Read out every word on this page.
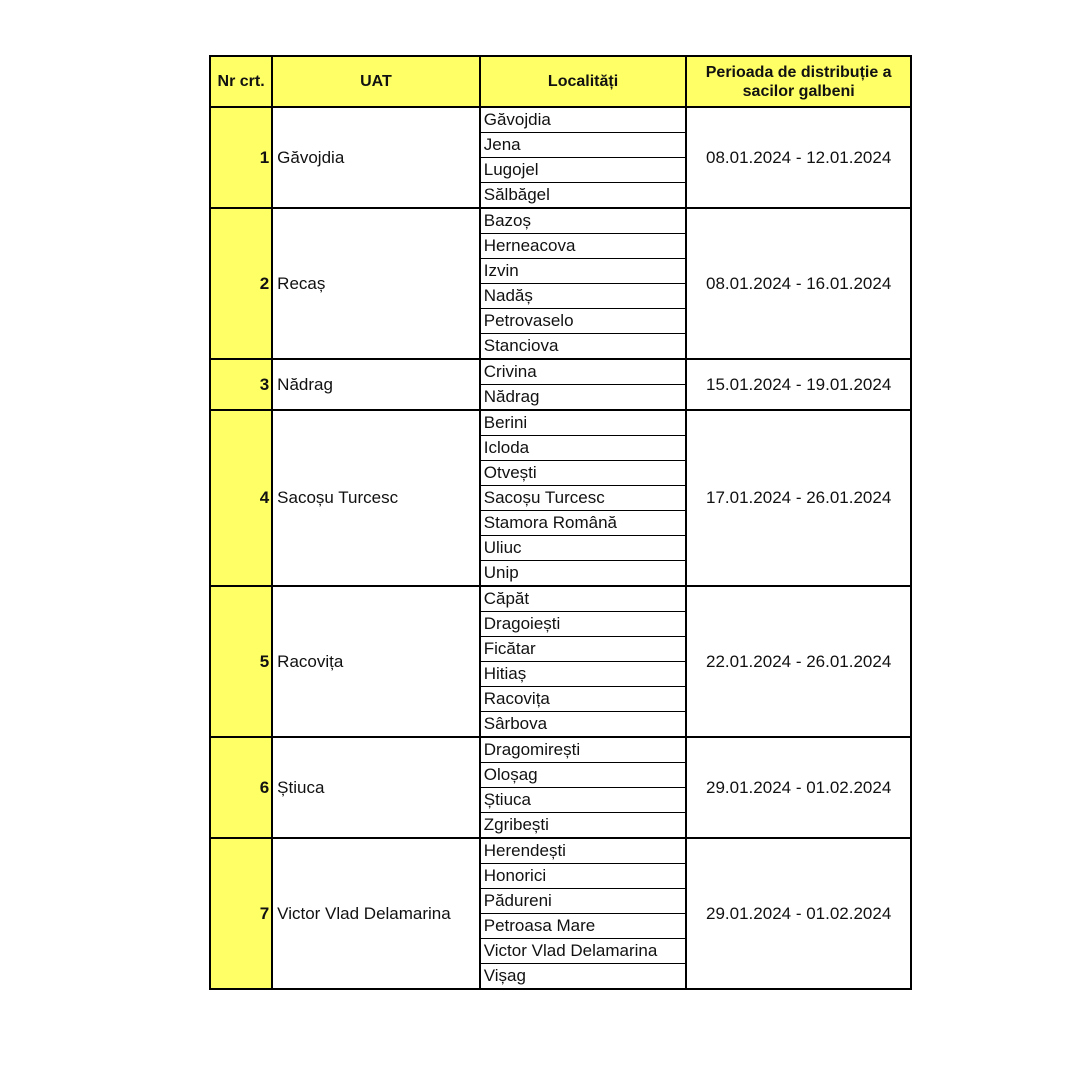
Nr crt.	UAT	Localități	Perioada de distribuție a sacilor galbeni
1	Găvojdia	Găvojdia	08.01.2024 - 12.01.2024
		Jena	
		Lugojel	
		Sălbăgel	
2	Recaș	Bazoș	08.01.2024 - 16.01.2024
		Herneacova	
		Izvin	
		Nadăș	
		Petrovaselo	
		Stanciova	
3	Nădrag	Crivina	15.01.2024 - 19.01.2024
		Nădrag	
4	Sacoșu Turcesc	Berini	17.01.2024 - 26.01.2024
		Icloda	
		Otvești	
		Sacoșu Turcesc	
		Stamora Română	
		Uliuc	
		Unip	
5	Racovița	Căpăt	22.01.2024 - 26.01.2024
		Dragoiești	
		Ficătar	
		Hitiaș	
		Racovița	
		Sârbova	
6	Știuca	Dragomirești	29.01.2024 - 01.02.2024
		Oloșag	
		Știuca	
		Zgribești	
7	Victor Vlad Delamarina	Herendești	29.01.2024 - 01.02.2024
		Honorici	
		Pădureni	
		Petroasa Mare	
		Victor Vlad Delamarina	
		Vișag	
